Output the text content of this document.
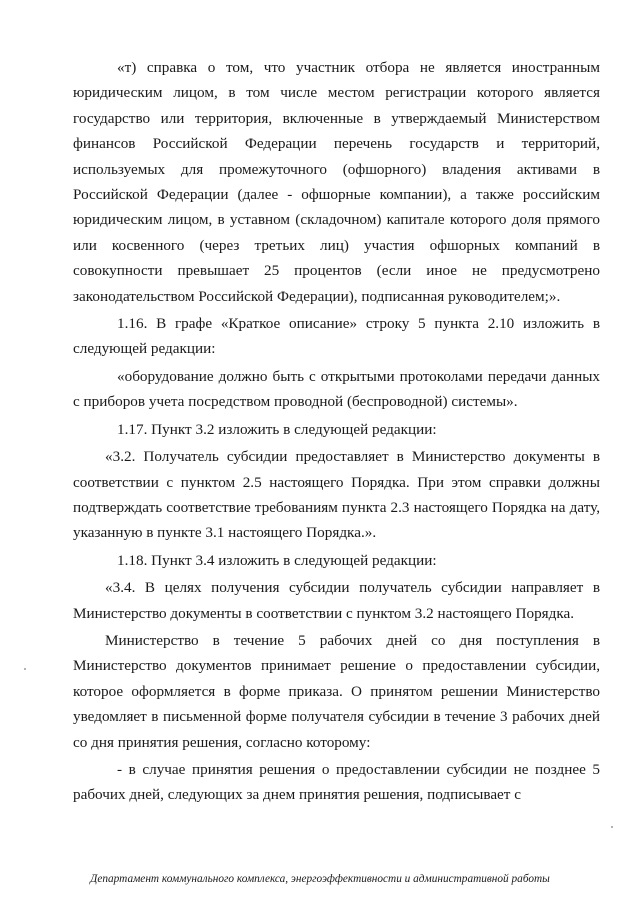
«т) справка о том, что участник отбора не является иностранным юридическим лицом, в том числе местом регистрации которого является государство или территория, включенные в утверждаемый Министерством финансов Российской Федерации перечень государств и территорий, используемых для промежуточного (офшорного) владения активами в Российской Федерации (далее - офшорные компании), а также российским юридическим лицом, в уставном (складочном) капитале которого доля прямого или косвенного (через третьих лиц) участия офшорных компаний в совокупности превышает 25 процентов (если иное не предусмотрено законодательством Российской Федерации), подписанная руководителем;».

1.16. В графе «Краткое описание» строку 5 пункта 2.10 изложить в следующей редакции:

«оборудование должно быть с открытыми протоколами передачи данных с приборов учета посредством проводной (беспроводной) системы».

1.17. Пункт 3.2 изложить в следующей редакции:

«3.2. Получатель субсидии предоставляет в Министерство документы в соответствии с пунктом 2.5 настоящего Порядка. При этом справки должны подтверждать соответствие требованиям пункта 2.3 настоящего Порядка на дату, указанную в пункте 3.1 настоящего Порядка.».

1.18. Пункт 3.4 изложить в следующей редакции:

«3.4. В целях получения субсидии получатель субсидии направляет в Министерство документы в соответствии с пунктом 3.2 настоящего Порядка.

Министерство в течение 5 рабочих дней со дня поступления в Министерство документов принимает решение о предоставлении субсидии, которое оформляется в форме приказа. О принятом решении Министерство уведомляет в письменной форме получателя субсидии в течение 3 рабочих дней со дня принятия решения, согласно которому:

- в случае принятия решения о предоставлении субсидии не позднее 5 рабочих дней, следующих за днем принятия решения, подписывает с

Департамент коммунального комплекса, энергоэффективности и административной работы
